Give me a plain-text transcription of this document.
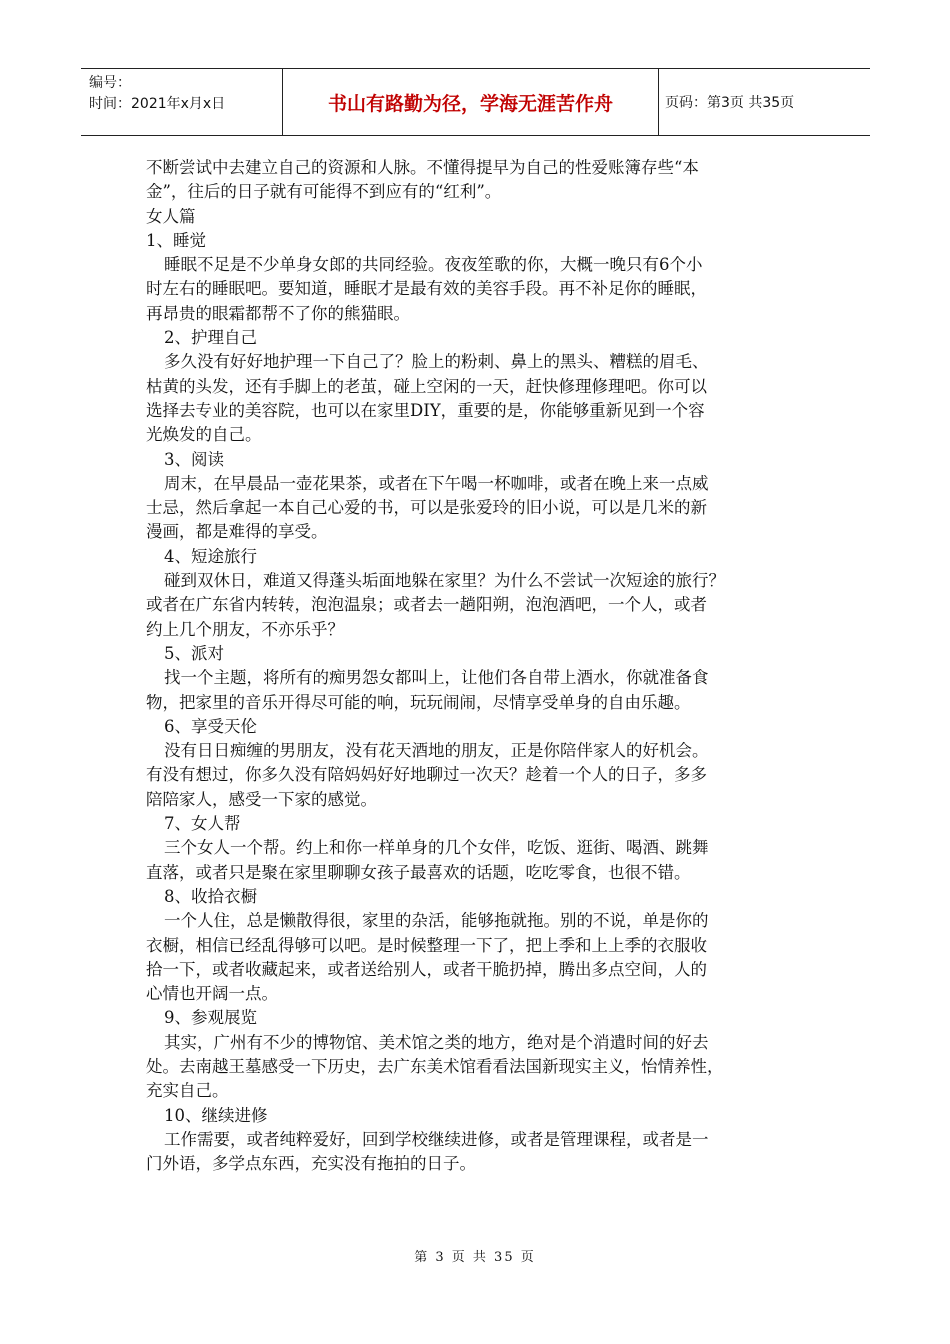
编号：
时间：2021年x月x日	书山有路勤为径，学海无涯苦作舟	页码：第3页 共35页
不断尝试中去建立自己的资源和人脉。不懂得提早为自己的性爱账簿存些“本
金”，往后的日子就有可能得不到应有的“红利”。
女人篇
1、睡觉
睡眠不足是不少单身女郎的共同经验。夜夜笙歌的你，大概一晚只有6个小
时左右的睡眠吧。要知道，睡眠才是最有效的美容手段。再不补足你的睡眠，
再昂贵的眼霜都帮不了你的熊猫眼。
2、护理自己
多久没有好好地护理一下自己了？脸上的粉刺、鼻上的黑头、糟糕的眉毛、
枯黄的头发，还有手脚上的老茧，碰上空闲的一天，赶快修理修理吧。你可以
选择去专业的美容院，也可以在家里DIY，重要的是，你能够重新见到一个容
光焕发的自己。
3、阅读
周末，在早晨品一壶花果茶，或者在下午喝一杯咖啡，或者在晚上来一点威
士忌，然后拿起一本自己心爱的书，可以是张爱玲的旧小说，可以是几米的新
漫画，都是难得的享受。
4、短途旅行
碰到双休日，难道又得蓬头垢面地躲在家里？为什么不尝试一次短途的旅行？
或者在广东省内转转，泡泡温泉；或者去一趟阳朔，泡泡酒吧，一个人，或者
约上几个朋友，不亦乐乎？
5、派对
找一个主题，将所有的痴男怨女都叫上，让他们各自带上酒水，你就准备食
物，把家里的音乐开得尽可能的响，玩玩闹闹，尽情享受单身的自由乐趣。
6、享受天伦
没有日日痴缠的男朋友，没有花天酒地的朋友，正是你陪伴家人的好机会。
有没有想过，你多久没有陪妈妈好好地聊过一次天？趁着一个人的日子，多多
陪陪家人，感受一下家的感觉。
7、女人帮
三个女人一个帮。约上和你一样单身的几个女伴，吃饭、逛街、喝酒、跳舞
直落，或者只是聚在家里聊聊女孩子最喜欢的话题，吃吃零食，也很不错。
8、收拾衣橱
一个人住，总是懒散得很，家里的杂活，能够拖就拖。别的不说，单是你的
衣橱，相信已经乱得够可以吧。是时候整理一下了，把上季和上上季的衣服收
拾一下，或者收藏起来，或者送给别人，或者干脆扔掉，腾出多点空间，人的
心情也开阔一点。
9、参观展览
其实，广州有不少的博物馆、美术馆之类的地方，绝对是个消遣时间的好去
处。去南越王墓感受一下历史，去广东美术馆看看法国新现实主义，怡情养性，
充实自己。
10、继续进修
工作需要，或者纯粹爱好，回到学校继续进修，或者是管理课程，或者是一
门外语，多学点东西，充实没有拖拍的日子。
第 3 页 共 35 页
